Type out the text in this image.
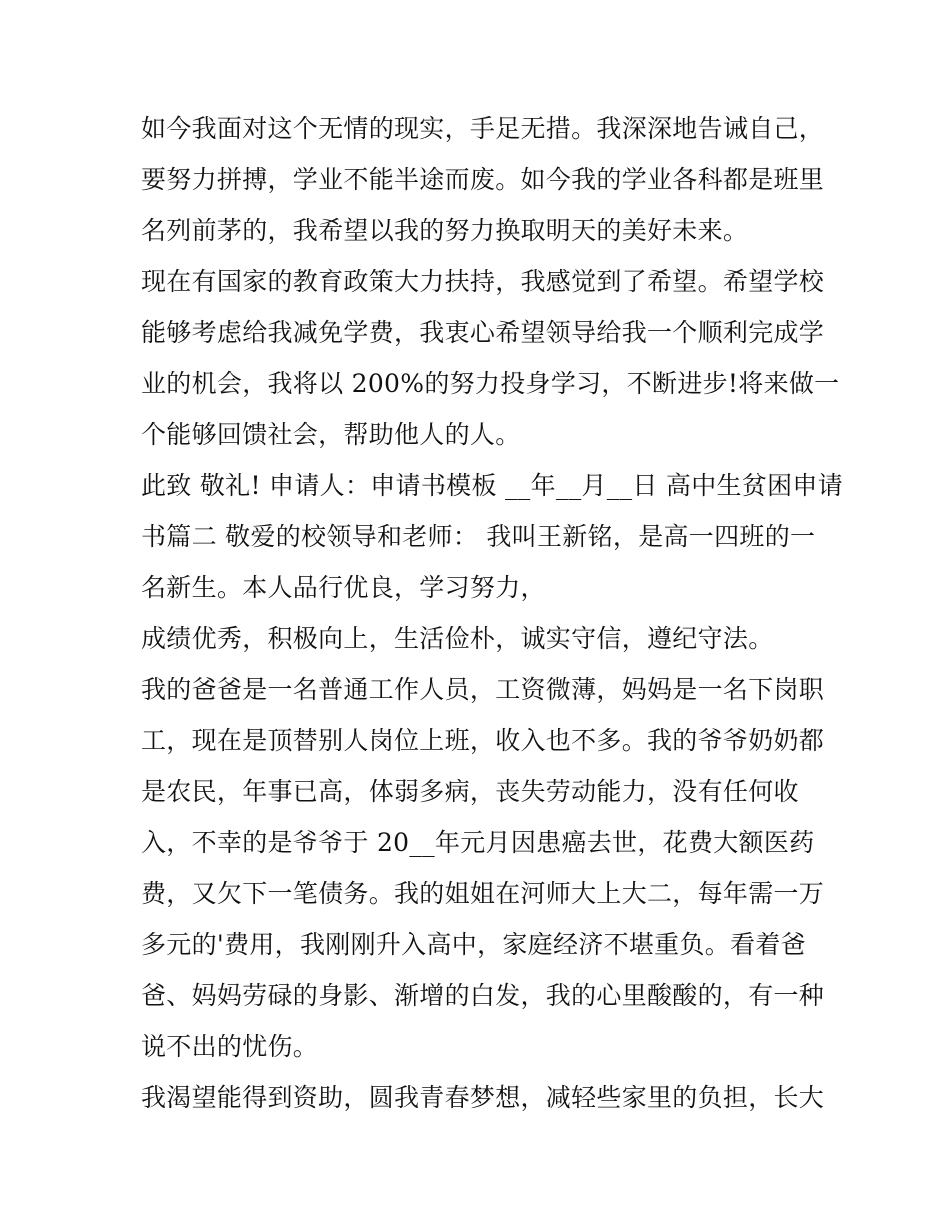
如今我面对这个无情的现实，手足无措。我深深地告诫自己，
要努力拼搏，学业不能半途而废。如今我的学业各科都是班里
名列前茅的，我希望以我的努力换取明天的美好未来。
现在有国家的教育政策大力扶持，我感觉到了希望。希望学校
能够考虑给我减免学费，我衷心希望领导给我一个顺利完成学
业的机会，我将以 200%的努力投身学习，不断进步!将来做一
个能够回馈社会，帮助他人的人。
此致 敬礼! 申请人：申请书模板 __年__月__日 高中生贫困申请
书篇二 敬爱的校领导和老师： 我叫王新铭，是高一四班的一
名新生。本人品行优良，学习努力，
成绩优秀，积极向上，生活俭朴，诚实守信，遵纪守法。
我的爸爸是一名普通工作人员，工资微薄，妈妈是一名下岗职
工，现在是顶替别人岗位上班，收入也不多。我的爷爷奶奶都
是农民，年事已高，体弱多病，丧失劳动能力，没有任何收
入，不幸的是爷爷于 20__年元月因患癌去世，花费大额医药
费，又欠下一笔债务。我的姐姐在河师大上大二，每年需一万
多元的'费用，我刚刚升入高中，家庭经济不堪重负。看着爸
爸、妈妈劳碌的身影、渐增的白发，我的心里酸酸的，有一种
说不出的忧伤。
我渴望能得到资助，圆我青春梦想，减轻些家里的负担，长大
